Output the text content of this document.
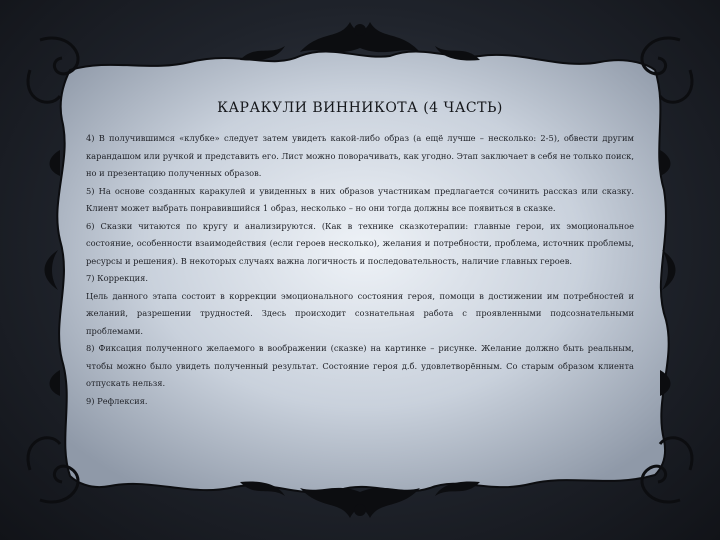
КАРАКУЛИ ВИННИКОТА (4 ЧАСТЬ)

4) В получившимся «клубке» следует затем увидеть какой-либо образ (а ещё лучше – несколько: 2-5), обвести другим карандашом или ручкой и представить его. Лист можно поворачивать, как угодно. Этап заключает в себя не только поиск, но и презентацию полученных образов.

5) На основе созданных каракулей и увиденных в них образов участникам предлагается сочинить рассказ или сказку. Клиент может выбрать понравившийся 1 образ, несколько – но они тогда должны все появиться в сказке.

6) Сказки читаются по кругу и анализируются. (Как в технике сказкотерапии: главные герои, их эмоциональное состояние, особенности взаимодействия (если героев несколько), желания и потребности, проблема, источник проблемы, ресурсы и решения). В некоторых случаях важна логичность и последовательность, наличие главных героев.

7) Коррекция.

Цель данного этапа состоит в коррекции эмоционального состояния героя, помощи в достижении им потребностей и желаний, разрешении трудностей. Здесь происходит сознательная работа с проявленными подсознательными проблемами.

8) Фиксация полученного желаемого в воображении (сказке) на картинке – рисунке. Желание должно быть реальным, чтобы можно было увидеть полученный результат. Состояние героя д.б. удовлетворённым. Со старым образом клиента отпускать нельзя.

9) Рефлексия.
